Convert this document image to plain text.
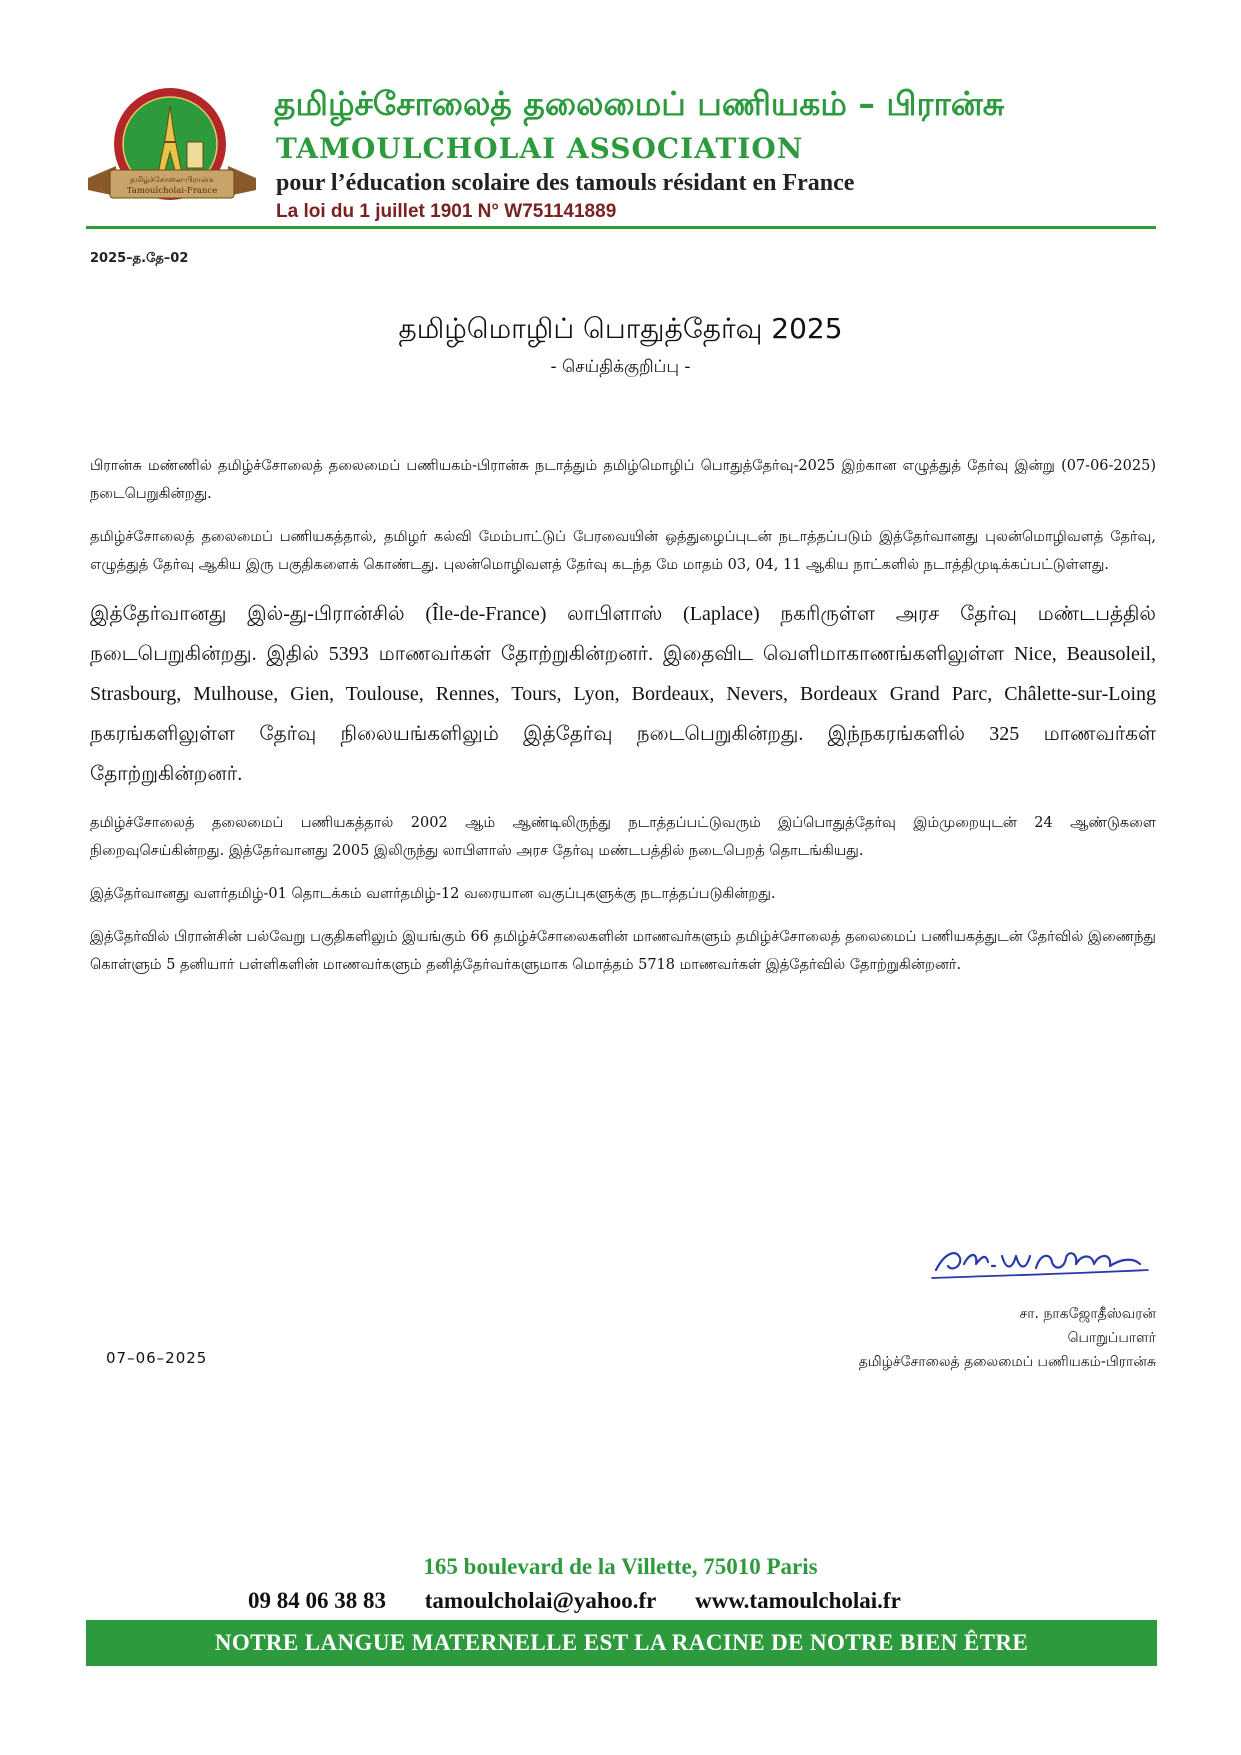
தமிழ்ச்சோலை-பிரான்சு
Tamoulcholai-France
தமிழ்ச்சோலைத் தலைமைப் பணியகம் – பிரான்சு
TAMOULCHOLAI ASSOCIATION
pour l’éducation scolaire des tamouls résidant en France
La loi du 1 juillet 1901 N° W751141889
2025–த.தே–02
தமிழ்மொழிப் பொதுத்தேர்வு 2025
- செய்திக்குறிப்பு -

பிரான்சு மண்ணில் தமிழ்ச்சோலைத் தலைமைப் பணியகம்-பிரான்சு நடாத்தும் தமிழ்மொழிப் பொதுத்தேர்வு-2025 இற்கான எழுத்துத் தேர்வு இன்று (07-06-2025) நடைபெறுகின்றது.

தமிழ்ச்சோலைத் தலைமைப் பணியகத்தால், தமிழர் கல்வி மேம்பாட்டுப் பேரவையின் ஒத்துழைப்புடன் நடாத்தப்படும் இத்தேர்வானது புலன்மொழிவளத் தேர்வு, எழுத்துத் தேர்வு ஆகிய இரு பகுதிகளைக் கொண்டது. புலன்மொழிவளத் தேர்வு கடந்த மே மாதம் 03, 04, 11 ஆகிய நாட்களில் நடாத்திமுடிக்கப்பட்டுள்ளது.

இத்தேர்வானது இல்-து-பிரான்சில் (Île-de-France) லாபிளாஸ் (Laplace) நகரிருள்ள அரச தேர்வு மண்டபத்தில் நடைபெறுகின்றது. இதில் 5393 மாணவர்கள் தோற்றுகின்றனர். இதைவிட வெளிமாகாணங்களிலுள்ள Nice, Beausoleil, Strasbourg, Mulhouse, Gien, Toulouse, Rennes, Tours, Lyon, Bordeaux, Nevers, Bordeaux Grand Parc, Châlette-sur-Loing நகரங்களிலுள்ள தேர்வு நிலையங்களிலும் இத்தேர்வு நடைபெறுகின்றது. இந்நகரங்களில் 325 மாணவர்கள் தோற்றுகின்றனர்.

தமிழ்ச்சோலைத் தலைமைப் பணியகத்தால் 2002 ஆம் ஆண்டிலிருந்து நடாத்தப்பட்டுவரும் இப்பொதுத்தேர்வு இம்முறையுடன் 24 ஆண்டுகளை நிறைவுசெய்கின்றது. இத்தேர்வானது 2005 இலிருந்து லாபிளாஸ் அரச தேர்வு மண்டபத்தில் நடைபெறத் தொடங்கியது.

இத்தேர்வானது வளர்தமிழ்-01 தொடக்கம் வளர்தமிழ்-12 வரையான வகுப்புகளுக்கு நடாத்தப்படுகின்றது.

இத்தேர்வில் பிரான்சின் பல்வேறு பகுதிகளிலும் இயங்கும் 66 தமிழ்ச்சோலைகளின் மாணவர்களும் தமிழ்ச்சோலைத் தலைமைப் பணியகத்துடன் தேர்வில் இணைந்து கொள்ளும் 5 தனியார் பள்ளிகளின் மாணவர்களும் தனித்தேர்வர்களுமாக மொத்தம் 5718 மாணவர்கள் இத்தேர்வில் தோற்றுகின்றனர்.

சா. நாகஜோதீஸ்வரன்
பொறுப்பாளர்
தமிழ்ச்சோலைத் தலைமைப் பணியகம்-பிரான்சு
07–06–2025
165 boulevard de la Villette, 75010 Paris
09 84 06 38 83 tamoulcholai@yahoo.fr www.tamoulcholai.fr
NOTRE LANGUE MATERNELLE EST LA RACINE DE NOTRE BIEN ÊTRE
